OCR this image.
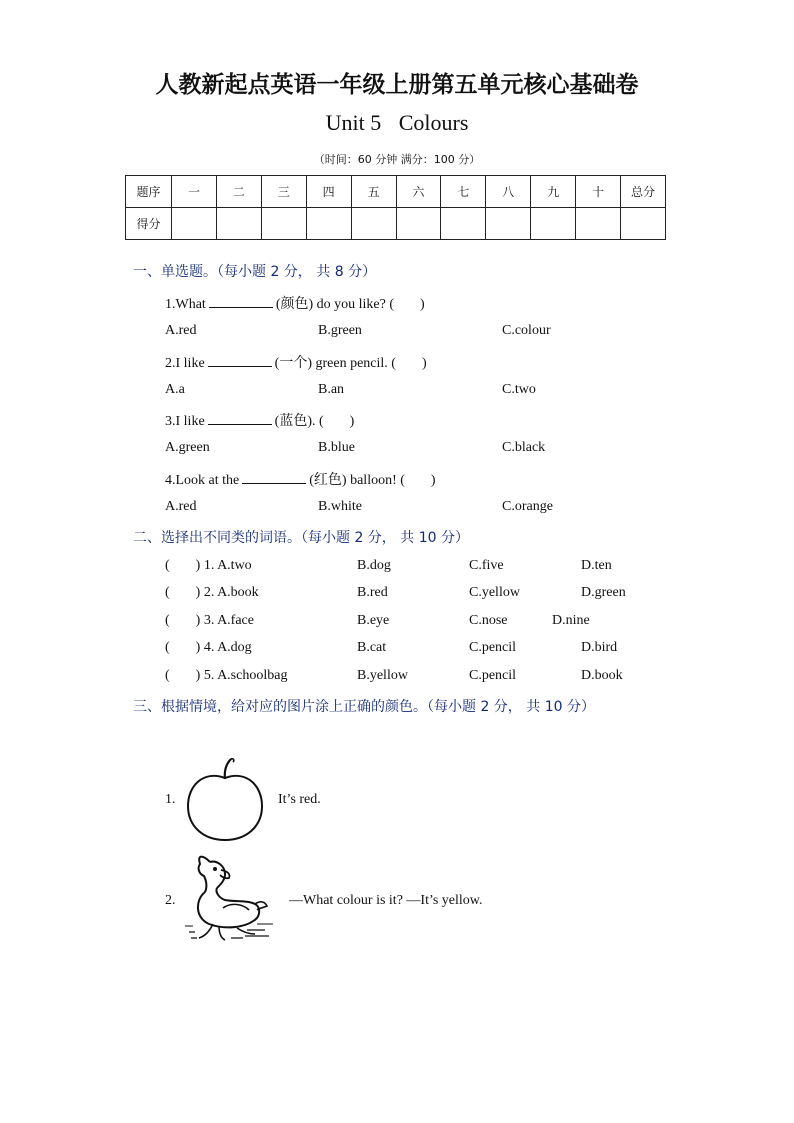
人教新起点英语一年级上册第五单元核心基础卷
Unit 5 Colours
（时间：60 分钟 满分：100 分）
题序	一	二	三	四	五	六	七	八	九	十	总分
得分											
一、单选题。（每小题 2 分， 共 8 分）
1.What	(颜色) do you like? ( )
A.red	B.green	C.colour
2.I like	(一个) green pencil. ( )
A.a	B.an	C.two
3.I like	(蓝色). ( )
A.green	B.blue	C.black
4.Look at the	(红色) balloon! ( )
A.red	B.white	C.orange
二、选择出不同类的词语。（每小题 2 分， 共 10 分）
( ) 1. A.two	B.dog	C.five	D.ten
( ) 2. A.book	B.red	C.yellow	D.green
( ) 3. A.face	B.eye	C.nose	D.nine
( ) 4. A.dog	B.cat	C.pencil	D.bird
( ) 5. A.schoolbag	B.yellow	C.pencil	D.book
三、根据情境，给对应的图片涂上正确的颜色。（每小题 2 分， 共 10 分）
1.	It’s red.
2.	—What colour is it? —It’s yellow.
